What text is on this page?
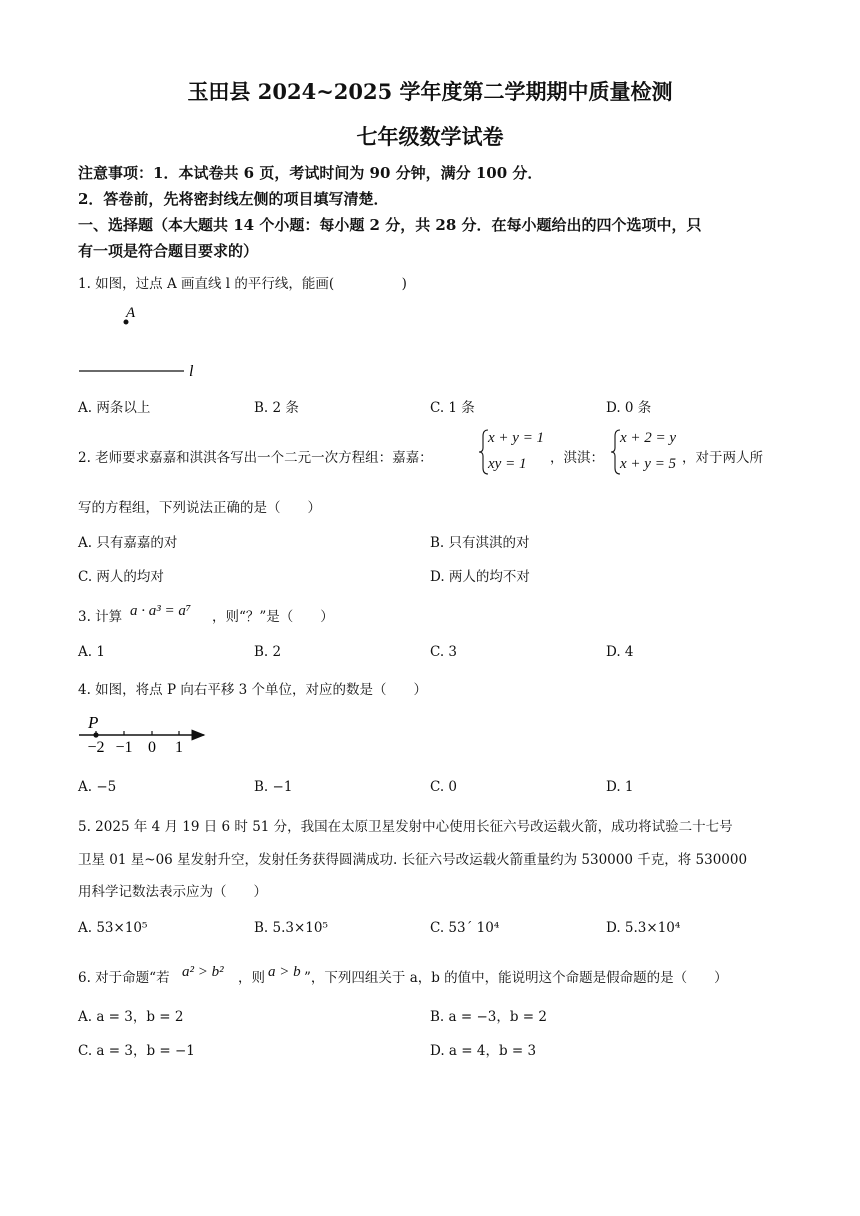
玉田县 2024~2025 学年度第二学期期中质量检测
七年级数学试卷
注意事项：1．本试卷共 6 页，考试时间为 90 分钟，满分 100 分．
2．答卷前，先将密封线左侧的项目填写清楚．
一、选择题（本大题共 14 个小题：每小题 2 分，共 28 分．在每小题给出的四个选项中，只
有一项是符合题目要求的）
1. 如图，过点 A 画直线 l 的平行线，能画(　　　　　)
A
l
A. 两条以上	B. 2 条	C. 1 条	D. 0 条
2. 老师要求嘉嘉和淇淇各写出一个二元一次方程组：嘉嘉：
x + y = 1
xy = 1 ，淇淇：
x + 2 = y
x + y = 5 ，对于两人所
写的方程组，下列说法正确的是（　　）
A. 只有嘉嘉的对	B. 只有淇淇的对
C. 两人的均对	D. 两人的均不对
3. 计算 a · a³ = a⁷ ，则“？”是（　　）
A. 1	B. 2	C. 3	D. 4
4. 如图，将点 P 向右平移 3 个单位，对应的数是（　　）
P
−2 −1 0 1
A. −5	B. −1	C. 0	D. 1
5. 2025 年 4 月 19 日 6 时 51 分，我国在太原卫星发射中心使用长征六号改运载火箭，成功将试验二十七号
卫星 01 星~06 星发射升空，发射任务获得圆满成功. 长征六号改运载火箭重量约为 530000 千克，将 530000
用科学记数法表示应为（　　）
A. 53×10⁵	B. 5.3×10⁵	C. 53´ 10⁴	D. 5.3×10⁴
6. 对于命题“若 a² > b² ，则 a > b ”，下列四组关于 a，b 的值中，能说明这个命题是假命题的是（　　）
A. a = 3，b = 2	B. a = −3，b = 2
C. a = 3，b = −1	D. a = 4，b = 3
